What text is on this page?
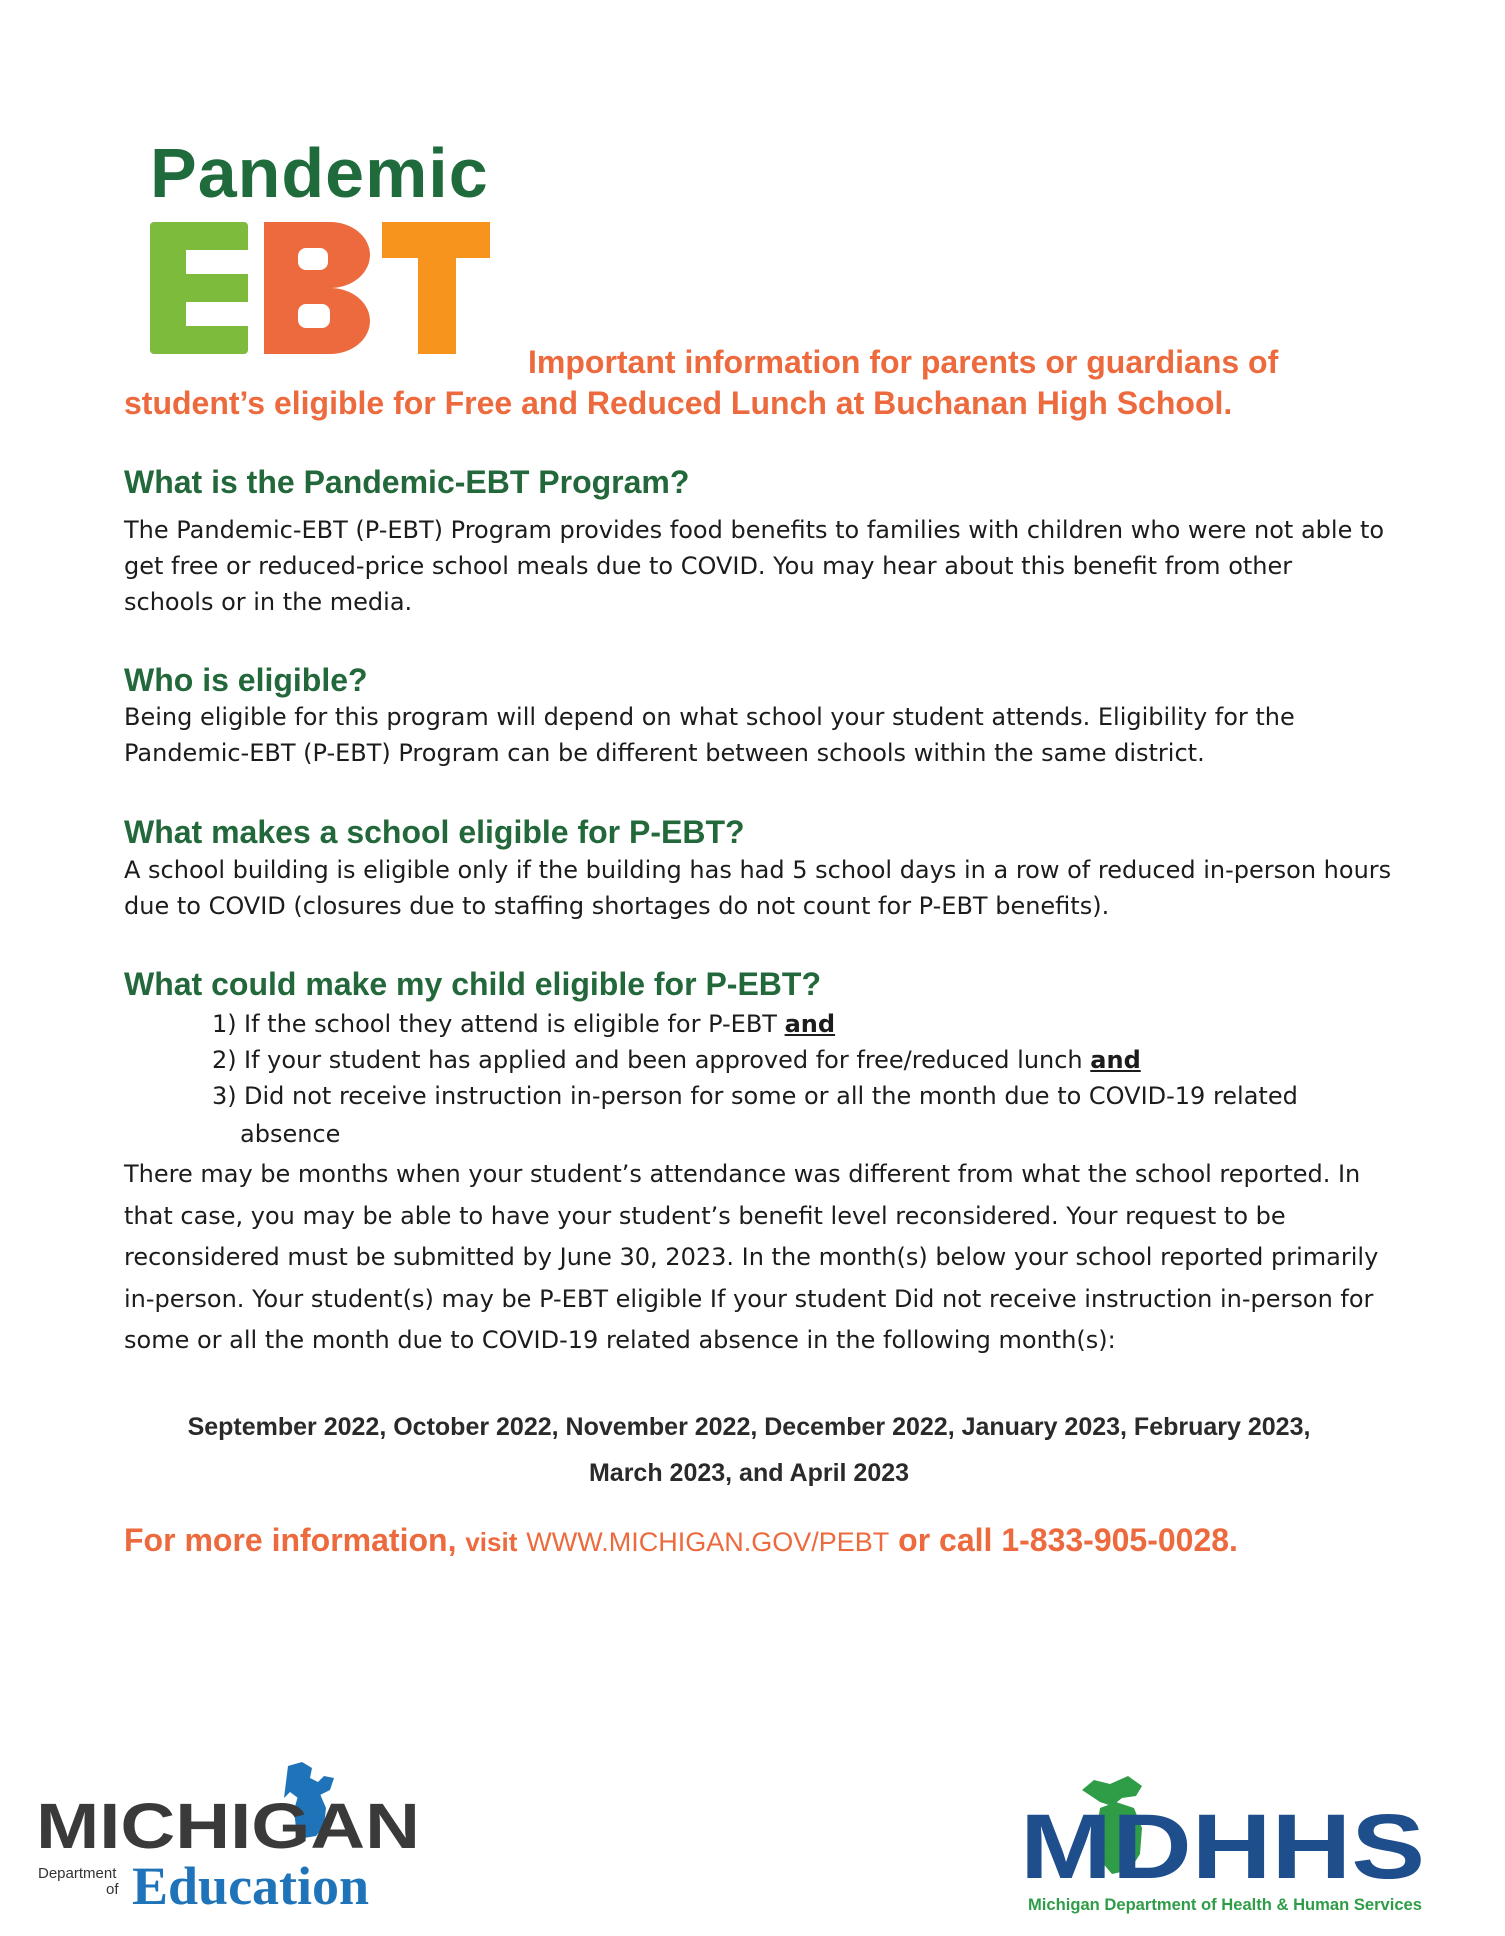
Pandemic
Important information for parents or guardians of
student’s eligible for Free and Reduced Lunch at Buchanan High School.
What is the Pandemic-EBT Program?
The Pandemic-EBT (P-EBT) Program provides food benefits to families with children who were not able to
get free or reduced-price school meals due to COVID. You may hear about this benefit from other
schools or in the media.
Who is eligible?
Being eligible for this program will depend on what school your student attends. Eligibility for the
Pandemic-EBT (P-EBT) Program can be different between schools within the same district.
What makes a school eligible for P-EBT?
A school building is eligible only if the building has had 5 school days in a row of reduced in-person hours
due to COVID (closures due to staffing shortages do not count for P-EBT benefits).
What could make my child eligible for P-EBT?
1) If the school they attend is eligible for P-EBT and
2) If your student has applied and been approved for free/reduced lunch and
3) Did not receive instruction in-person for some or all the month due to COVID-19 related
absence
There may be months when your student’s attendance was different from what the school reported. In
that case, you may be able to have your student’s benefit level reconsidered. Your request to be
reconsidered must be submitted by June 30, 2023. In the month(s) below your school reported primarily
in-person. Your student(s) may be P-EBT eligible If your student Did not receive instruction in-person for
some or all the month due to COVID-19 related absence in the following month(s):
September 2022, October 2022, November 2022, December 2022, January 2023, February 2023,
March 2023, and April 2023
For more information, visit WWW.MICHIGAN.GOV/PEBT or call 1-833-905-0028.
MICHIGAN
Department
of Education	MDHHS
Michigan Department of Health & Human Services
